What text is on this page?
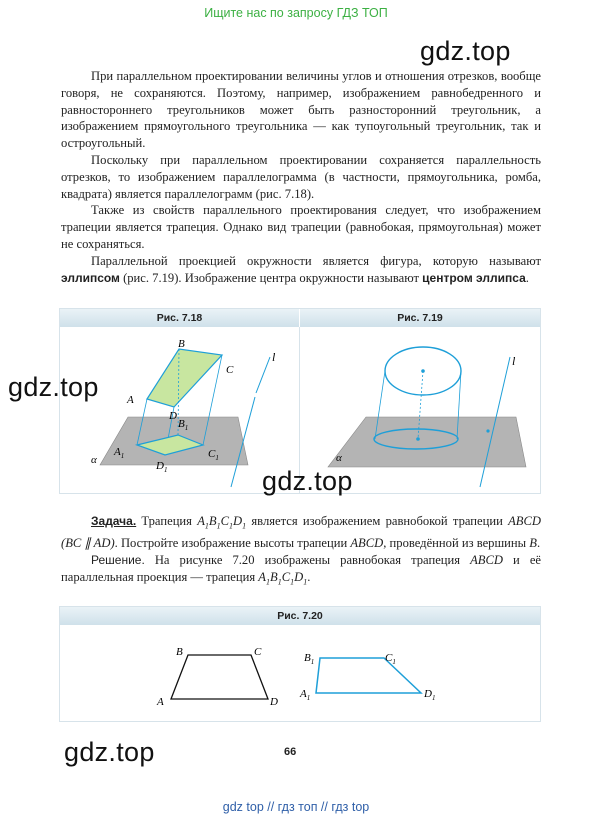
Ищите нас по запросу ГДЗ ТОП
gdz.top

При параллельном проектировании величины углов и отношения отрезков, вообще говоря, не сохраняются. Поэтому, например, изображением равнобедренного и равностороннего треугольников может быть разносторонний треугольник, а изображением прямоугольного треугольника — как тупоугольный треугольник, так и остроугольный.

Поскольку при параллельном проектировании сохраняется параллельность отрезков, то изображением параллелограмма (в частности, прямоугольника, ромба, квадрата) является параллелограмм (рис. 7.18).

Также из свойств параллельного проектирования следует, что изображением трапеции является трапеция. Однако вид трапеции (равнобокая, прямоугольная) может не сохраняться.

Параллельной проекцией окружности является фигура, которую называют эллипсом (рис. 7.19). Изображение центра окружности называют центром эллипса.

Рис. 7.18	Рис. 7.19
A
B
C
D
$A_1$
$B_1$
$C_1$
$D_1$
l
α
l
α
gdz.top
gdz.top

Задача. Трапеция $A_1B_1C_1D_1$ является изображением равнобокой трапеции ABCD (BC ∥ AD). Постройте изображение высоты трапеции ABCD, проведённой из вершины B.

Решение. На рисунке 7.20 изображены равнобокая трапеция ABCD и её параллельная проекция — трапеция $A_1B_1C_1D_1$.

Рис. 7.20
B	C
A	D
$B_1$	$C_1$
$A_1$	$D_1$
gdz.top	66
gdz top // гдз топ // гдз top
